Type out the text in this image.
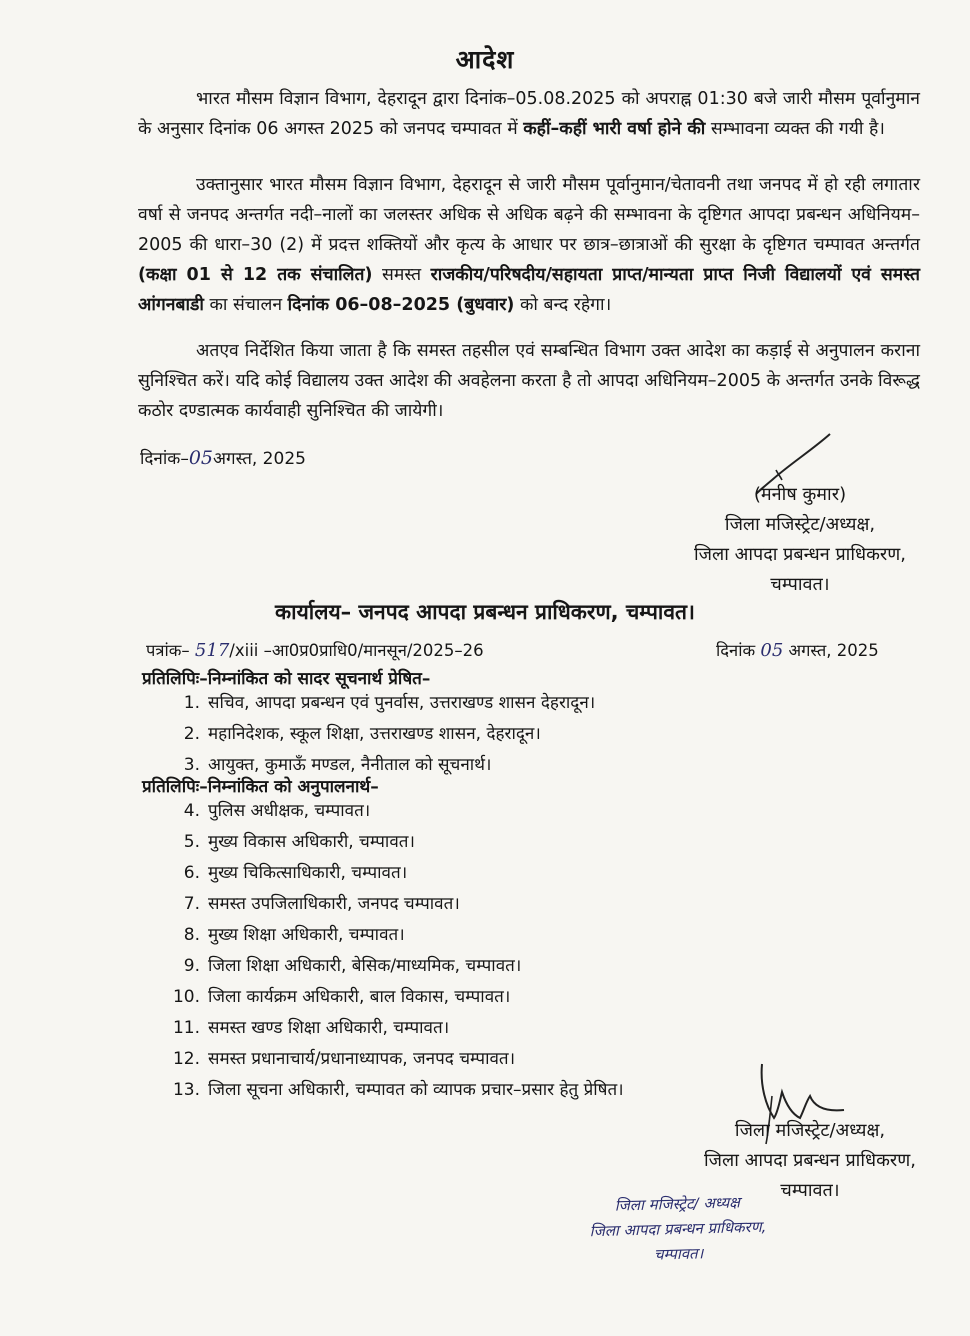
आदेश

भारत मौसम विज्ञान विभाग, देहरादून द्वारा दिनांक–05.08.2025 को अपराह्न 01:30 बजे जारी मौसम पूर्वानुमान के अनुसार दिनांक 06 अगस्त 2025 को जनपद चम्पावत में कहीं–कहीं भारी वर्षा होने की सम्भावना व्यक्त की गयी है।

उक्तानुसार भारत मौसम विज्ञान विभाग, देहरादून से जारी मौसम पूर्वानुमान/चेतावनी तथा जनपद में हो रही लगातार वर्षा से जनपद अन्तर्गत नदी–नालों का जलस्तर अधिक से अधिक बढ़ने की सम्भावना के दृष्टिगत आपदा प्रबन्धन अधिनियम–2005 की धारा–30 (2) में प्रदत्त शक्तियों और कृत्य के आधार पर छात्र–छात्राओं की सुरक्षा के दृष्टिगत चम्पावत अन्तर्गत (कक्षा 01 से 12 तक संचालित) समस्त राजकीय/परिषदीय/सहायता प्राप्त/मान्यता प्राप्त निजी विद्यालयों एवं समस्त आंगनबाडी का संचालन दिनांक 06–08–2025 (बुधवार) को बन्द रहेगा।

अतएव निर्देशित किया जाता है कि समस्त तहसील एवं सम्बन्धित विभाग उक्त आदेश का कड़ाई से अनुपालन कराना सुनिश्चित करें। यदि कोई विद्यालय उक्त आदेश की अवहेलना करता है तो आपदा अधिनियम–2005 के अन्तर्गत उनके विरूद्ध कठोर दण्डात्मक कार्यवाही सुनिश्चित की जायेगी।

दिनांक–05अगस्त, 2025
(मनीष कुमार)
जिला मजिस्ट्रेट/अध्यक्ष,
जिला आपदा प्रबन्धन प्राधिकरण,
चम्पावत।
कार्यालय– जनपद आपदा प्रबन्धन प्राधिकरण, चम्पावत।
पत्रांक– 517/xiii –आ0प्र0प्राधि0/मानसून/2025–26	दिनांक 05 अगस्त, 2025
प्रतिलिपिः–निम्नांकित को सादर सूचनार्थ प्रेषित–
1. सचिव, आपदा प्रबन्धन एवं पुनर्वास, उत्तराखण्ड शासन देहरादून।
2. महानिदेशक, स्कूल शिक्षा, उत्तराखण्ड शासन, देहरादून।
3. आयुक्त, कुमाऊँ मण्डल, नैनीताल को सूचनार्थ।
प्रतिलिपिः–निम्नांकित को अनुपालनार्थ–
4. पुलिस अधीक्षक, चम्पावत।
5. मुख्य विकास अधिकारी, चम्पावत।
6. मुख्य चिकित्साधिकारी, चम्पावत।
7. समस्त उपजिलाधिकारी, जनपद चम्पावत।
8. मुख्य शिक्षा अधिकारी, चम्पावत।
9. जिला शिक्षा अधिकारी, बेसिक/माध्यमिक, चम्पावत।
10. जिला कार्यक्रम अधिकारी, बाल विकास, चम्पावत।
11. समस्त खण्ड शिक्षा अधिकारी, चम्पावत।
12. समस्त प्रधानाचार्य/प्रधानाध्यापक, जनपद चम्पावत।
13. जिला सूचना अधिकारी, चम्पावत को व्यापक प्रचार–प्रसार हेतु प्रेषित।
जिला मजिस्ट्रेट/अध्यक्ष,
जिला आपदा प्रबन्धन प्राधिकरण,
चम्पावत।
जिला मजिस्ट्रेट/ अध्यक्ष
जिला आपदा प्रबन्धन प्राधिकरण,
चम्पावत।
